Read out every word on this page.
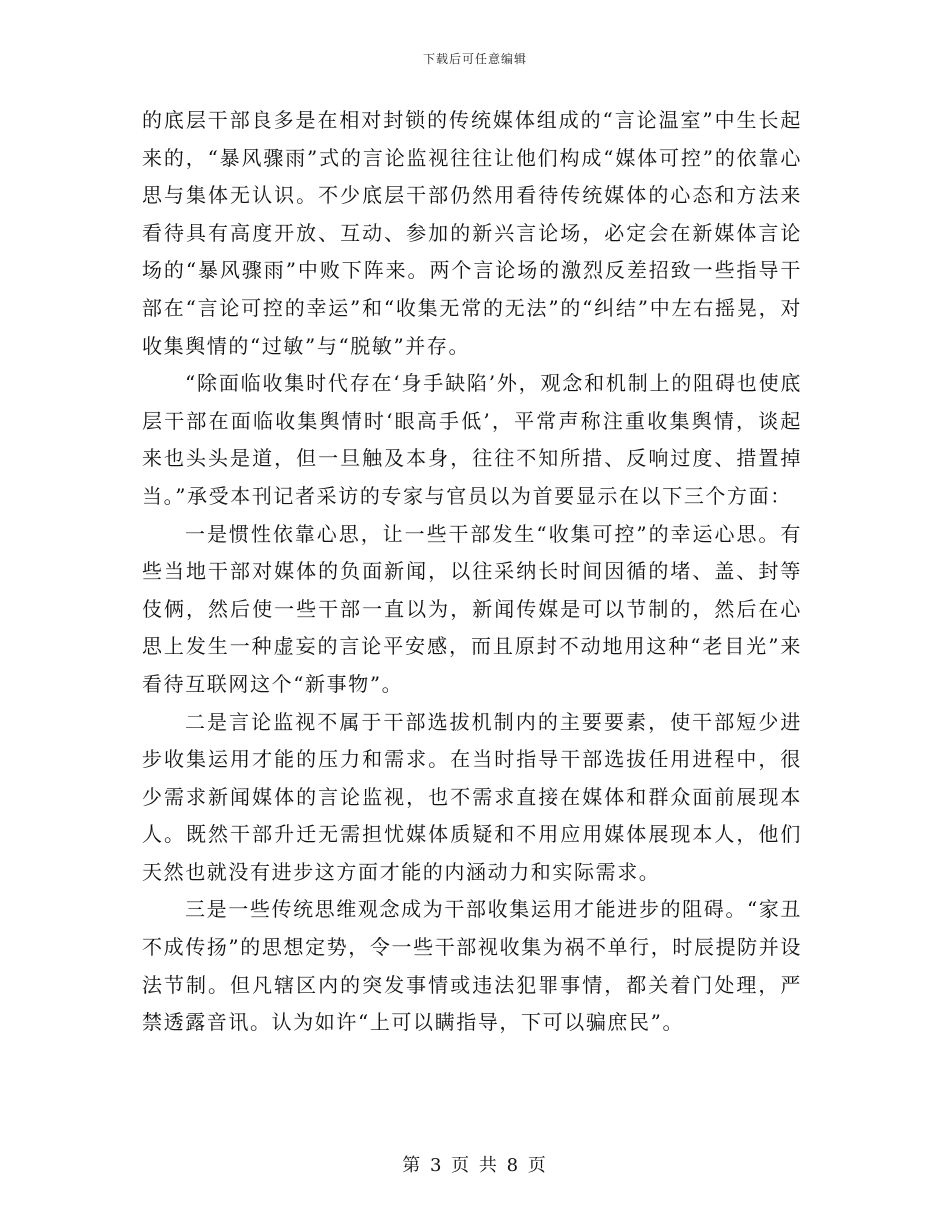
下载后可任意编辑

的底层干部良多是在相对封锁的传统媒体组成的“言论温室”中生长起来的，“暴风骤雨”式的言论监视往往让他们构成“媒体可控”的依靠心思与集体无认识。不少底层干部仍然用看待传统媒体的心态和方法来看待具有高度开放、互动、参加的新兴言论场，必定会在新媒体言论场的“暴风骤雨”中败下阵来。两个言论场的激烈反差招致一些指导干部在“言论可控的幸运”和“收集无常的无法”的“纠结”中左右摇晃，对收集舆情的“过敏”与“脱敏”并存。

“除面临收集时代存在‘身手缺陷’外，观念和机制上的阻碍也使底层干部在面临收集舆情时‘眼高手低’，平常声称注重收集舆情，谈起来也头头是道，但一旦触及本身，往往不知所措、反响过度、措置掉当。”承受本刊记者采访的专家与官员以为首要显示在以下三个方面：

一是惯性依靠心思，让一些干部发生“收集可控”的幸运心思。有些当地干部对媒体的负面新闻，以往采纳长时间因循的堵、盖、封等伎俩，然后使一些干部一直以为，新闻传媒是可以节制的，然后在心思上发生一种虚妄的言论平安感，而且原封不动地用这种“老目光”来看待互联网这个“新事物”。

二是言论监视不属于干部选拔机制内的主要要素，使干部短少进步收集运用才能的压力和需求。在当时指导干部选拔任用进程中，很少需求新闻媒体的言论监视，也不需求直接在媒体和群众面前展现本人。既然干部升迁无需担忧媒体质疑和不用应用媒体展现本人，他们天然也就没有进步这方面才能的内涵动力和实际需求。

三是一些传统思维观念成为干部收集运用才能进步的阻碍。“家丑不成传扬”的思想定势，令一些干部视收集为祸不单行，时辰提防并设法节制。但凡辖区内的突发事情或违法犯罪事情，都关着门处理，严禁透露音讯。认为如许“上可以瞒指导，下可以骗庶民”。

第 3 页 共 8 页
